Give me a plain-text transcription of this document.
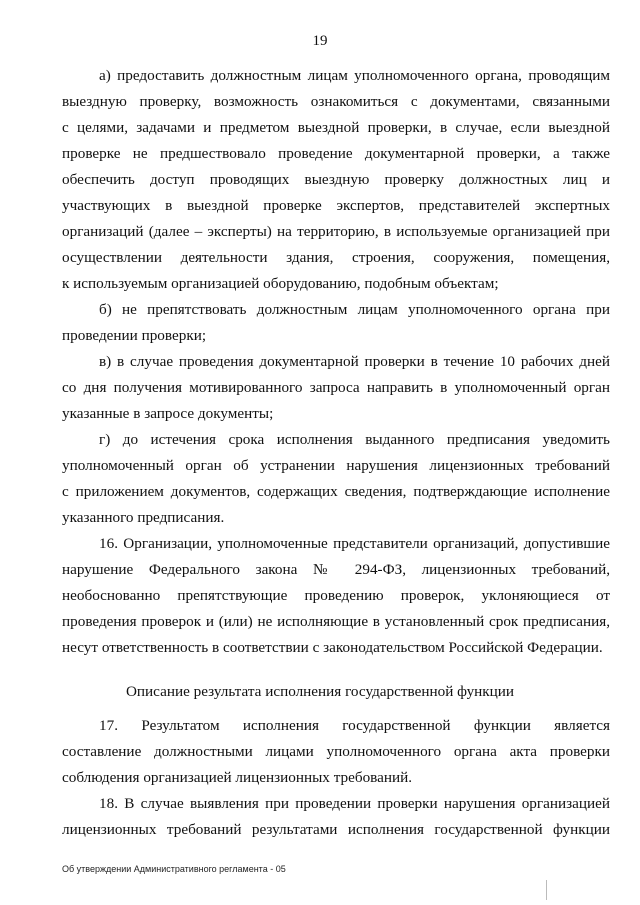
19
а) предоставить должностным лицам уполномоченного органа, проводящим
выездную проверку, возможность ознакомиться с документами, связанными
с целями, задачами и предметом выездной проверки, в случае, если выездной
проверке не предшествовало проведение документарной проверки, а также
обеспечить доступ проводящих выездную проверку должностных лиц и
участвующих в выездной проверке экспертов, представителей экспертных
организаций (далее – эксперты) на территорию, в используемые организацией при
осуществлении деятельности здания, строения, сооружения, помещения,
к используемым организацией оборудованию, подобным объектам;
б) не препятствовать должностным лицам уполномоченного органа при
проведении проверки;
в) в случае проведения документарной проверки в течение 10 рабочих дней
со дня получения мотивированного запроса направить в уполномоченный орган
указанные в запросе документы;
г) до истечения срока исполнения выданного предписания уведомить
уполномоченный орган об устранении нарушения лицензионных требований
с приложением документов, содержащих сведения, подтверждающие исполнение
указанного предписания.
16. Организации, уполномоченные представители организаций, допустившие
нарушение Федерального закона № 294-ФЗ, лицензионных требований,
необоснованно препятствующие проведению проверок, уклоняющиеся от
проведения проверок и (или) не исполняющие в установленный срок предписания,
несут ответственность в соответствии с законодательством Российской Федерации.
Описание результата исполнения государственной функции
17. Результатом исполнения государственной функции является
составление должностными лицами уполномоченного органа акта проверки
соблюдения организацией лицензионных требований.
18. В случае выявления при проведении проверки нарушения организацией
лицензионных требований результатами исполнения государственной функции
Об утверждении Административного регламента - 05
